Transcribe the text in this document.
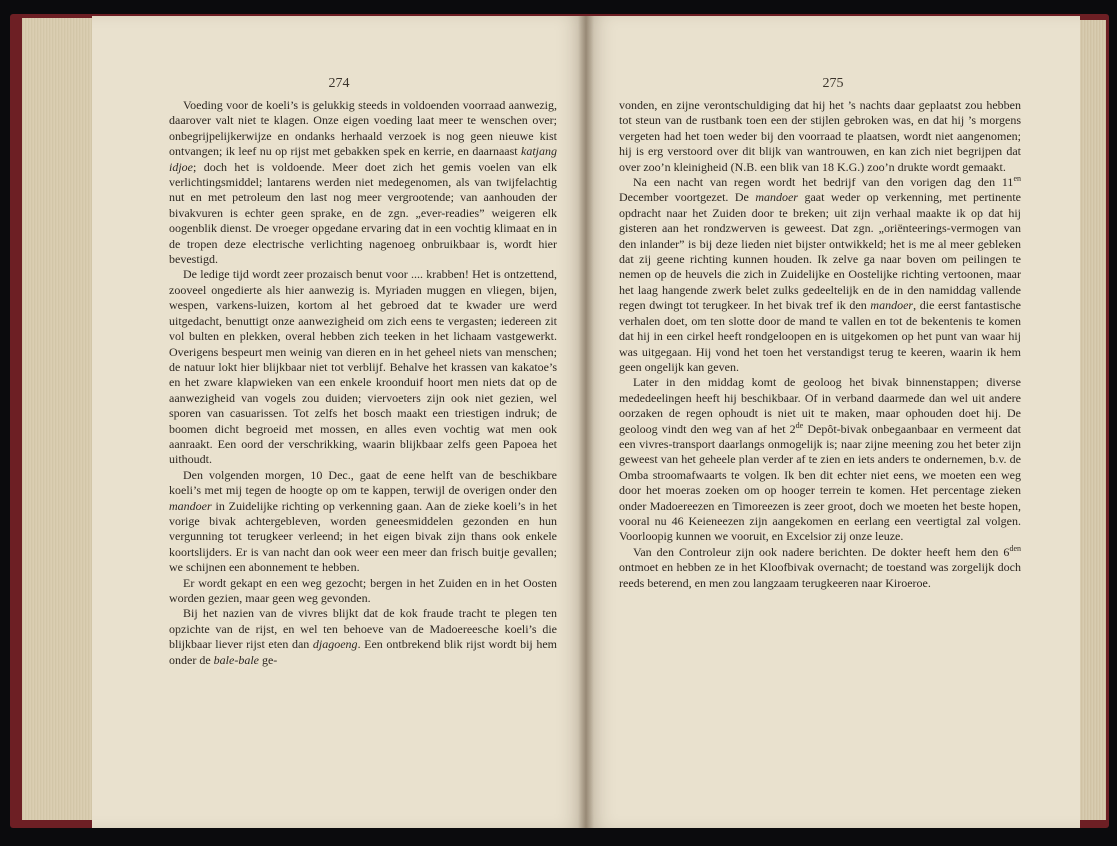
274

Voeding voor de koeli’s is gelukkig steeds in voldoenden voorraad aanwezig, daarover valt niet te klagen. Onze eigen voeding laat meer te wenschen over; onbegrijpelijkerwijze en ondanks herhaald verzoek is nog geen nieuwe kist ontvangen; ik leef nu op rijst met gebakken spek en kerrie, en daarnaast katjang idjoe; doch het is voldoende. Meer doet zich het gemis voelen van elk verlichtingsmiddel; lantarens werden niet medegenomen, als van twijfelachtig nut en met petroleum den last nog meer vergrootende; van aanhouden der bivakvuren is echter geen sprake, en de zgn. „ever-readies” weigeren elk oogenblik dienst. De vroeger opgedane ervaring dat in een vochtig klimaat en in de tropen deze electrische verlichting nagenoeg onbruikbaar is, wordt hier bevestigd.

De ledige tijd wordt zeer prozaisch benut voor .... krabben! Het is ontzettend, zooveel ongedierte als hier aanwezig is. Myriaden muggen en vliegen, bijen, wespen, varkens-luizen, kortom al het gebroed dat te kwader ure werd uitgedacht, benuttigt onze aanwezigheid om zich eens te vergasten; iedereen zit vol bulten en plekken, overal hebben zich teeken in het lichaam vastgewerkt. Overigens bespeurt men weinig van dieren en in het geheel niets van menschen; de natuur lokt hier blijkbaar niet tot verblijf. Behalve het krassen van kakatoe’s en het zware klapwieken van een enkele kroonduif hoort men niets dat op de aanwezigheid van vogels zou duiden; viervoeters zijn ook niet gezien, wel sporen van casuarissen. Tot zelfs het bosch maakt een triestigen indruk; de boomen dicht begroeid met mossen, en alles even vochtig wat men ook aanraakt. Een oord der verschrikking, waarin blijkbaar zelfs geen Papoea het uithoudt.

Den volgenden morgen, 10 Dec., gaat de eene helft van de beschikbare koeli’s met mij tegen de hoogte op om te kappen, terwijl de overigen onder den mandoer in Zuidelijke richting op verkenning gaan. Aan de zieke koeli’s in het vorige bivak achtergebleven, worden geneesmiddelen gezonden en hun vergunning tot terugkeer verleend; in het eigen bivak zijn thans ook enkele koortslijders. Er is van nacht dan ook weer een meer dan frisch buitje gevallen; we schijnen een abonnement te hebben.

Er wordt gekapt en een weg gezocht; bergen in het Zuiden en in het Oosten worden gezien, maar geen weg gevonden.

Bij het nazien van de vivres blijkt dat de kok fraude tracht te plegen ten opzichte van de rijst, en wel ten behoeve van de Madoereesche koeli’s die blijkbaar liever rijst eten dan djagoeng. Een ontbrekend blik rijst wordt bij hem onder de bale-bale ge-

275

vonden, en zijne verontschuldiging dat hij het ’s nachts daar geplaatst zou hebben tot steun van de rustbank toen een der stijlen gebroken was, en dat hij ’s morgens vergeten had het toen weder bij den voorraad te plaatsen, wordt niet aangenomen; hij is erg verstoord over dit blijk van wantrouwen, en kan zich niet begrijpen dat over zoo’n kleinigheid (N.B. een blik van 18 K.G.) zoo’n drukte wordt gemaakt.

Na een nacht van regen wordt het bedrijf van den vorigen dag den $11^{en}$ December voortgezet. De mandoer gaat weder op verkenning, met pertinente opdracht naar het Zuiden door te breken; uit zijn verhaal maakte ik op dat hij gisteren aan het rondzwerven is geweest. Dat zgn. „oriënteerings-vermogen van den inlander” is bij deze lieden niet bijster ontwikkeld; het is me al meer gebleken dat zij geene richting kunnen houden. Ik zelve ga naar boven om peilingen te nemen op de heuvels die zich in Zuidelijke en Oostelijke richting vertoonen, maar het laag hangende zwerk belet zulks gedeeltelijk en de in den namiddag vallende regen dwingt tot terugkeer. In het bivak tref ik den mandoer, die eerst fantastische verhalen doet, om ten slotte door de mand te vallen en tot de bekentenis te komen dat hij in een cirkel heeft rondgeloopen en is uitgekomen op het punt van waar hij was uitgegaan. Hij vond het toen het verstandigst terug te keeren, waarin ik hem geen ongelijk kan geven.

Later in den middag komt de geoloog het bivak binnenstappen; diverse mededeelingen heeft hij beschikbaar. Of in verband daarmede dan wel uit andere oorzaken de regen ophoudt is niet uit te maken, maar ophouden doet hij. De geoloog vindt den weg van af het 2de Depôt-bivak onbegaanbaar en vermeent dat een vivres-transport daarlangs onmogelijk is; naar zijne meening zou het beter zijn geweest van het geheele plan verder af te zien en iets anders te ondernemen, b.v. de Omba stroomafwaarts te volgen. Ik ben dit echter niet eens, we moeten een weg door het moeras zoeken om op hooger terrein te komen. Het percentage zieken onder Madoereezen en Timoreezen is zeer groot, doch we moeten het beste hopen, vooral nu 46 Keieneezen zijn aangekomen en eerlang een veertigtal zal volgen. Voorloopig kunnen we vooruit, en Excelsior zij onze leuze.

Van den Controleur zijn ook nadere berichten. De dokter heeft hem den $6^{den}$ ontmoet en hebben ze in het Kloofbivak overnacht; de toestand was zorgelijk doch reeds beterend, en men zou langzaam terugkeeren naar Kiroeroe.
